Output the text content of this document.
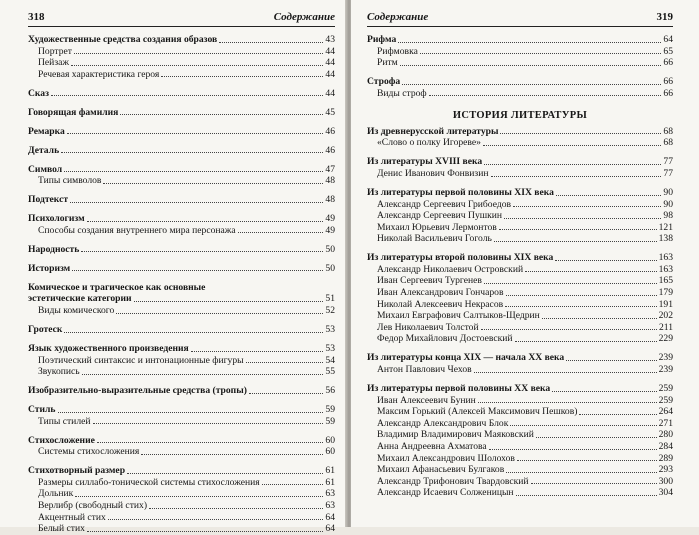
318	Содержание
Художественные средства создания образов	43
Портрет	44
Пейзаж	44
Речевая характеристика героя	44
Сказ	44
Говорящая фамилия	45
Ремарка	46
Деталь	46
Символ	47
Типы символов	48
Подтекст	48
Психологизм	49
Способы создания внутреннего мира персонажа	49
Народность	50
Историзм	50
Комическое и трагическое как основные
эстетические категории	51
Виды комического	52
Гротеск	53
Язык художественного произведения	53
Поэтический синтаксис и интонационные фигуры	54
Звукопись	55
Изобразительно-выразительные средства (тропы)	56
Стиль	59
Типы стилей	59
Стихосложение	60
Системы стихосложения	60
Стихотворный размер	61
Размеры силлабо-тонической системы стихосложения	61
Дольник	63
Верлибр (свободный стих)	63
Акцентный стих	64
Белый стих	64
Содержание	319
Рифма	64
Рифмовка	65
Ритм	66
Строфа	66
Виды строф	66
ИСТОРИЯ ЛИТЕРАТУРЫ
Из древнерусской литературы	68
«Слово о полку Игореве»	68
Из литературы XVIII века	77
Денис Иванович Фонвизин	77
Из литературы первой половины XIX века	90
Александр Сергеевич Грибоедов	90
Александр Сергеевич Пушкин	98
Михаил Юрьевич Лермонтов	121
Николай Васильевич Гоголь	138
Из литературы второй половины XIX века	163
Александр Николаевич Островский	163
Иван Сергеевич Тургенев	165
Иван Александрович Гончаров	179
Николай Алексеевич Некрасов	191
Михаил Евграфович Салтыков-Щедрин	202
Лев Николаевич Толстой	211
Федор Михайлович Достоевский	229
Из литературы конца XIX — начала XX века	239
Антон Павлович Чехов	239
Из литературы первой половины XX века	259
Иван Алексеевич Бунин	259
Максим Горький (Алексей Максимович Пешков)	264
Александр Александрович Блок	271
Владимир Владимирович Маяковский	280
Анна Андреевна Ахматова	284
Михаил Александрович Шолохов	289
Михаил Афанасьевич Булгаков	293
Александр Трифонович Твардовский	300
Александр Исаевич Солженицын	304
